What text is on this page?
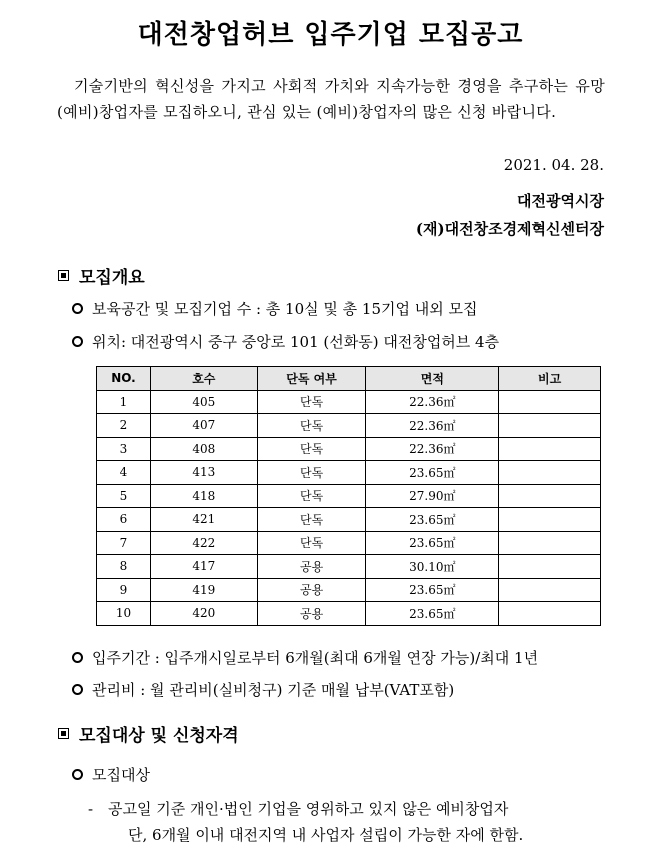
대전창업허브 입주기업 모집공고
기술기반의 혁신성을 가지고 사회적 가치와 지속가능한 경영을 추구하는 유망 (예비)창업자를 모집하오니, 관심 있는 (예비)창업자의 많은 신청 바랍니다.
2021. 04. 28.
대전광역시장
(재)대전창조경제혁신센터장
모집개요
보육공간 및 모집기업 수 : 총 10실 및 총 15기업 내외 모집
위치: 대전광역시 중구 중앙로 101 (선화동) 대전창업허브 4층
NO.	호수	단독 여부	면적	비고
1	405	단독	22.36㎡	
2	407	단독	22.36㎡	
3	408	단독	22.36㎡	
4	413	단독	23.65㎡	
5	418	단독	27.90㎡	
6	421	단독	23.65㎡	
7	422	단독	23.65㎡	
8	417	공용	30.10㎡	
9	419	공용	23.65㎡	
10	420	공용	23.65㎡	
입주기간 : 입주개시일로부터 6개월(최대 6개월 연장 가능)/최대 1년
관리비 : 월 관리비(실비청구) 기준 매월 납부(VAT포함)
모집대상 및 신청자격
모집대상
- 공고일 기준 개인·법인 기업을 영위하고 있지 않은 예비창업자
단, 6개월 이내 대전지역 내 사업자 설립이 가능한 자에 한함.
